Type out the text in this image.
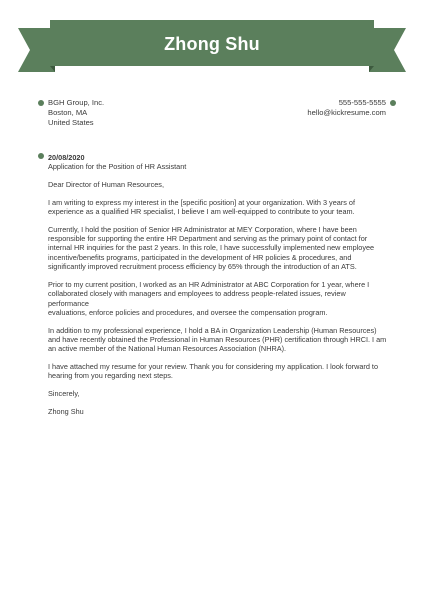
Zhong Shu
BGH Group, Inc.
Boston, MA
United States
555-555-5555
hello@kickresume.com
20/08/2020
Application for the Position of HR Assistant
Dear Director of Human Resources,
I am writing to express my interest in the [specific position] at your organization. With 3 years of
experience as a qualified HR specialist, I believe I am well-equipped to contribute to your team.
Currently, I hold the position of Senior HR Administrator at MEY Corporation, where I have been
responsible for supporting the entire HR Department and serving as the primary point of contact for
internal HR inquiries for the past 2 years. In this role, I have successfully implemented new employee
incentive/benefits programs, participated in the development of HR policies & procedures, and
significantly improved recruitment process efficiency by 65% through the introduction of an ATS.
Prior to my current position, I worked as an HR Administrator at ABC Corporation for 1 year, where I
collaborated closely with managers and employees to address people-related issues, review performance
evaluations, enforce policies and procedures, and oversee the compensation program.
In addition to my professional experience, I hold a BA in Organization Leadership (Human Resources)
and have recently obtained the Professional in Human Resources (PHR) certification through HRCI. I am
an active member of the National Human Resources Association (NHRA).
I have attached my resume for your review. Thank you for considering my application. I look forward to
hearing from you regarding next steps.
Sincerely,
Zhong Shu
